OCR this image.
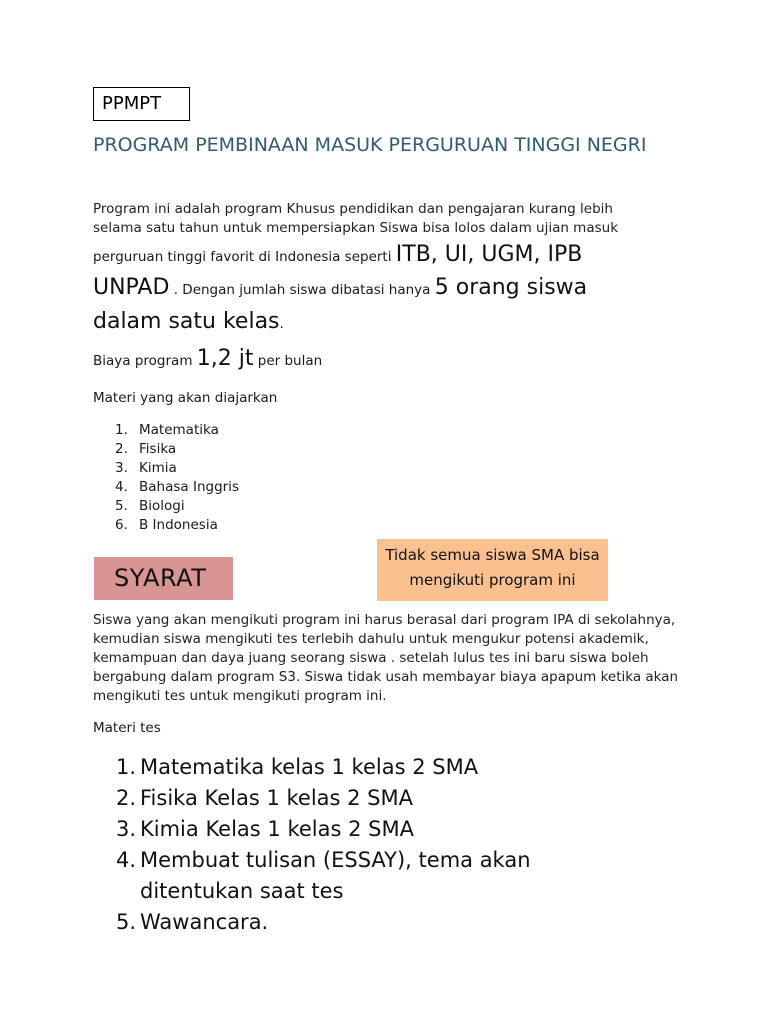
PPMPT
PROGRAM PEMBINAAN MASUK PERGURUAN TINGGI NEGRI
Program ini adalah program Khusus pendidikan dan pengajaran kurang lebih
selama satu tahun untuk mempersiapkan Siswa bisa lolos dalam ujian masuk
perguruan tinggi favorit di Indonesia seperti ITB, UI, UGM, IPB
UNPAD . Dengan jumlah siswa dibatasi hanya 5 orang siswa
dalam satu kelas.
Biaya program 1,2 jt per bulan
Materi yang akan diajarkan
1. Matematika
2. Fisika
3. Kimia
4. Bahasa Inggris
5. Biologi
6. B Indonesia
SYARAT
Tidak semua siswa SMA bisa mengikuti program ini
Siswa yang akan mengikuti program ini harus berasal dari program IPA di sekolahnya, kemudian siswa mengikuti tes terlebih dahulu untuk mengukur potensi akademik, kemampuan dan daya juang seorang siswa . setelah lulus tes ini baru siswa boleh bergabung dalam program S3. Siswa tidak usah membayar biaya apapum ketika akan mengikuti tes untuk mengikuti program ini.
Materi tes
1. Matematika kelas 1 kelas 2 SMA
2. Fisika Kelas 1 kelas 2 SMA
3. Kimia Kelas 1 kelas 2 SMA
4. Membuat tulisan (ESSAY), tema akan ditentukan saat tes
5. Wawancara.
